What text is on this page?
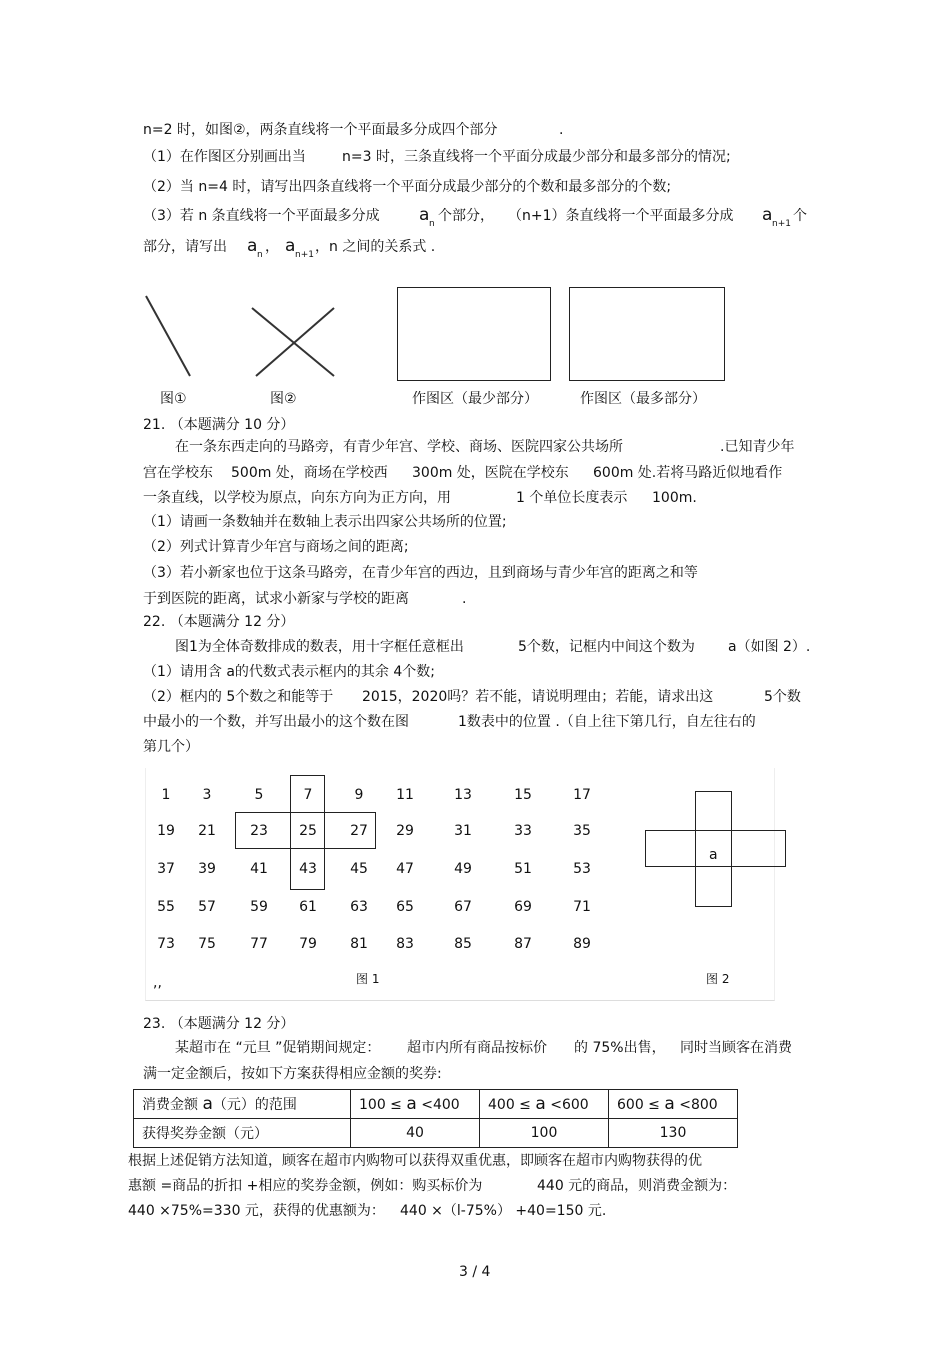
n=2 时，如图②，两条直线将一个平面最多分成四个部分	.
（1）在作图区分别画出当	n=3 时，三条直线将一个平面分成最少部分和最多部分的情况;
（2）当 n=4 时，请写出四条直线将一个平面分成最少部分的个数和最多部分的个数;
（3）若 n 条直线将一个平面最多分成 a n 个部分， （n+1）条直线将一个平面最多分成 a n+1 个
部分，请写出 a n ， a n+1 ，n 之间的关系式 .
图①	图②	作图区（最少部分）	作图区（最多部分）
21. （本题满分 10 分）
在一条东西走向的马路旁，有青少年宫、学校、商场、医院四家公共场所	.已知青少年
宫在学校东 500m 处，商场在学校西 300m 处，医院在学校东 600m 处.若将马路近似地看作
一条直线，以学校为原点，向东方向为正方向，用	1 个单位长度表示 100m.
（1）请画一条数轴并在数轴上表示出四家公共场所的位置;
（2）列式计算青少年宫与商场之间的距离;
（3）若小新家也位于这条马路旁，在青少年宫的西边，且到商场与青少年宫的距离之和等
于到医院的距离，试求小新家与学校的距离	.
22. （本题满分 12 分）
图1为全体奇数排成的数表，用十字框任意框出	5个数，记框内中间这个数为 a（如图 2）.
（1）请用含 a的代数式表示框内的其余 4个数;
（2）框内的 5个数之和能等于 2015，2020吗？若不能，请说明理由；若能，请求出这	5个数
中最小的一个数，并写出最小的这个数在图	1数表中的位置 .（自上往下第几行，自左往右的
第几个）
1	3	5	7	9	11	13	15	17
19	21	23	25	27	29	31	33	35
37	39	41	43	45	47	49	51	53
55	57	59	61	63	65	67	69	71
73	75	77	79	81	83	85	87	89
,,	图 1	图 2
a
23. （本题满分 12 分）
某超市在 “元旦 ”促销期间规定： 超市内所有商品按标价 的 75%出售， 同时当顾客在消费
满一定金额后，按如下方案获得相应金额的奖券:
消费金额 a（元）的范围	100 ≤ a <400	400 ≤ a <600	600 ≤ a <800
获得奖券金额（元）	40	100	130
根据上述促销方法知道，顾客在超市内购物可以获得双重优惠，即顾客在超市内购物获得的优
惠额 =商品的折扣 +相应的奖券金额，例如：购买标价为	440 元的商品，则消费金额为：
440 ×75%=330 元，获得的优惠额为： 440 ×（l-75%） +40=150 元.
3 / 4
